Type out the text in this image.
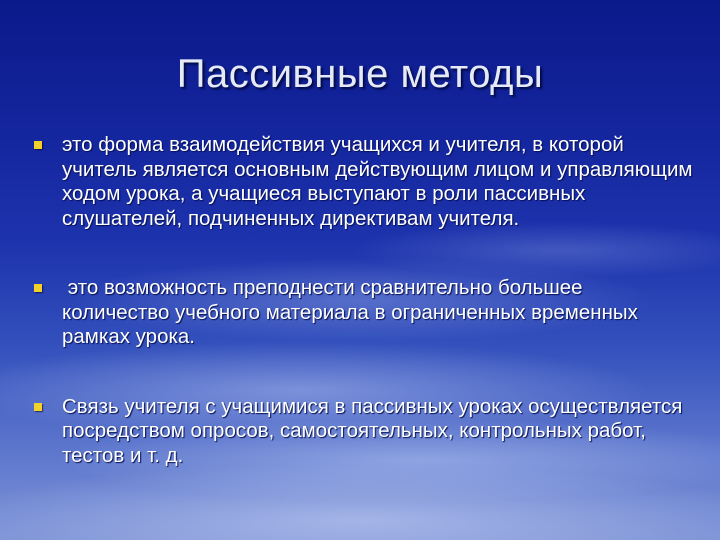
Пассивные методы
это форма взаимодействия учащихся и учителя, в которой учитель является основным действующим лицом и управляющим ходом урока, а учащиеся выступают в роли пассивных слушателей, подчиненных директивам учителя.
это возможность преподнести сравнительно большее количество учебного материала в ограниченных временных рамках урока.
Связь учителя с учащимися в пассивных уроках осуществляется посредством опросов, самостоятельных, контрольных работ, тестов и т. д.
